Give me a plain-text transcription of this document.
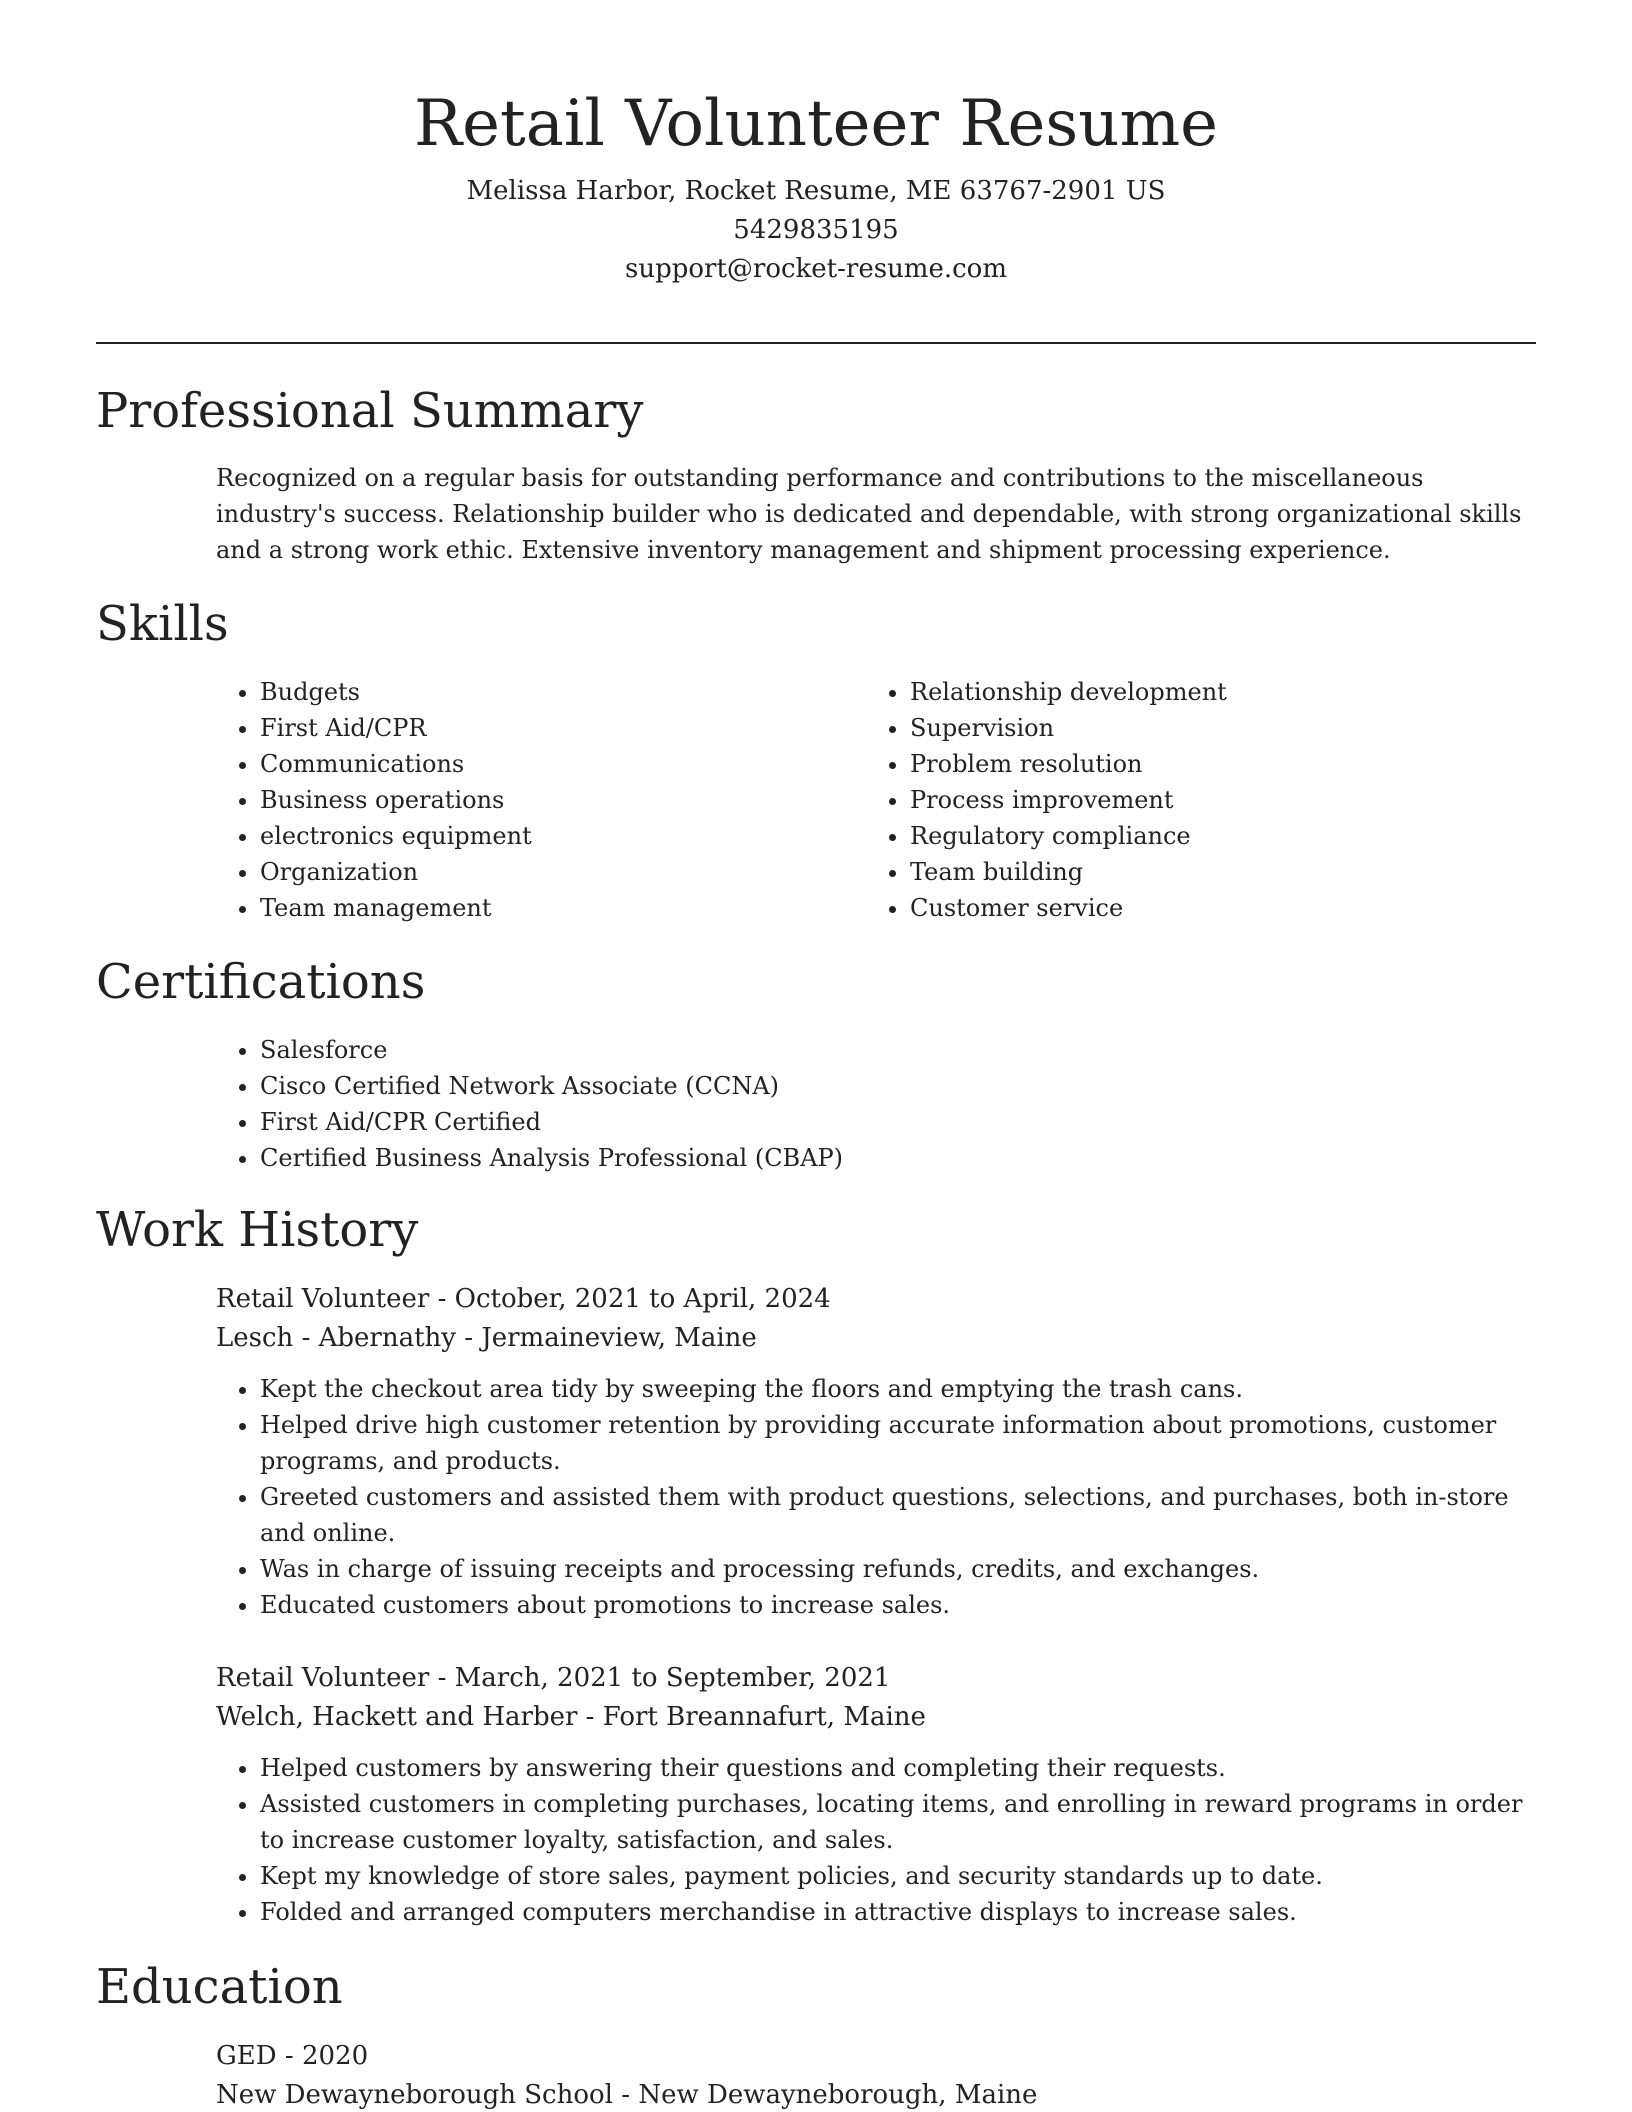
Retail Volunteer Resume

Melissa Harbor, Rocket Resume, ME 63767-2901 US

5429835195

support@rocket-resume.com

Professional Summary

Recognized on a regular basis for outstanding performance and contributions to the miscellaneous industry's success. Relationship builder who is dedicated and dependable, with strong organizational skills and a strong work ethic. Extensive inventory management and shipment processing experience.

Skills
• Budgets
• First Aid/CPR
• Communications
• Business operations
• electronics equipment
• Organization
• Team management
• Relationship development
• Supervision
• Problem resolution
• Process improvement
• Regulatory compliance
• Team building
• Customer service
Certifications
• Salesforce
• Cisco Certified Network Associate (CCNA)
• First Aid/CPR Certified
• Certified Business Analysis Professional (CBAP)
Work History

Retail Volunteer - October, 2021 to April, 2024

Lesch - Abernathy - Jermaineview, Maine

• Kept the checkout area tidy by sweeping the floors and emptying the trash cans.
• Helped drive high customer retention by providing accurate information about promotions, customer programs, and products.
• Greeted customers and assisted them with product questions, selections, and purchases, both in-store and online.
• Was in charge of issuing receipts and processing refunds, credits, and exchanges.
• Educated customers about promotions to increase sales.

Retail Volunteer - March, 2021 to September, 2021

Welch, Hackett and Harber - Fort Breannafurt, Maine

• Helped customers by answering their questions and completing their requests.
• Assisted customers in completing purchases, locating items, and enrolling in reward programs in order to increase customer loyalty, satisfaction, and sales.
• Kept my knowledge of store sales, payment policies, and security standards up to date.
• Folded and arranged computers merchandise in attractive displays to increase sales.
Education

GED - 2020

New Dewayneborough School - New Dewayneborough, Maine
